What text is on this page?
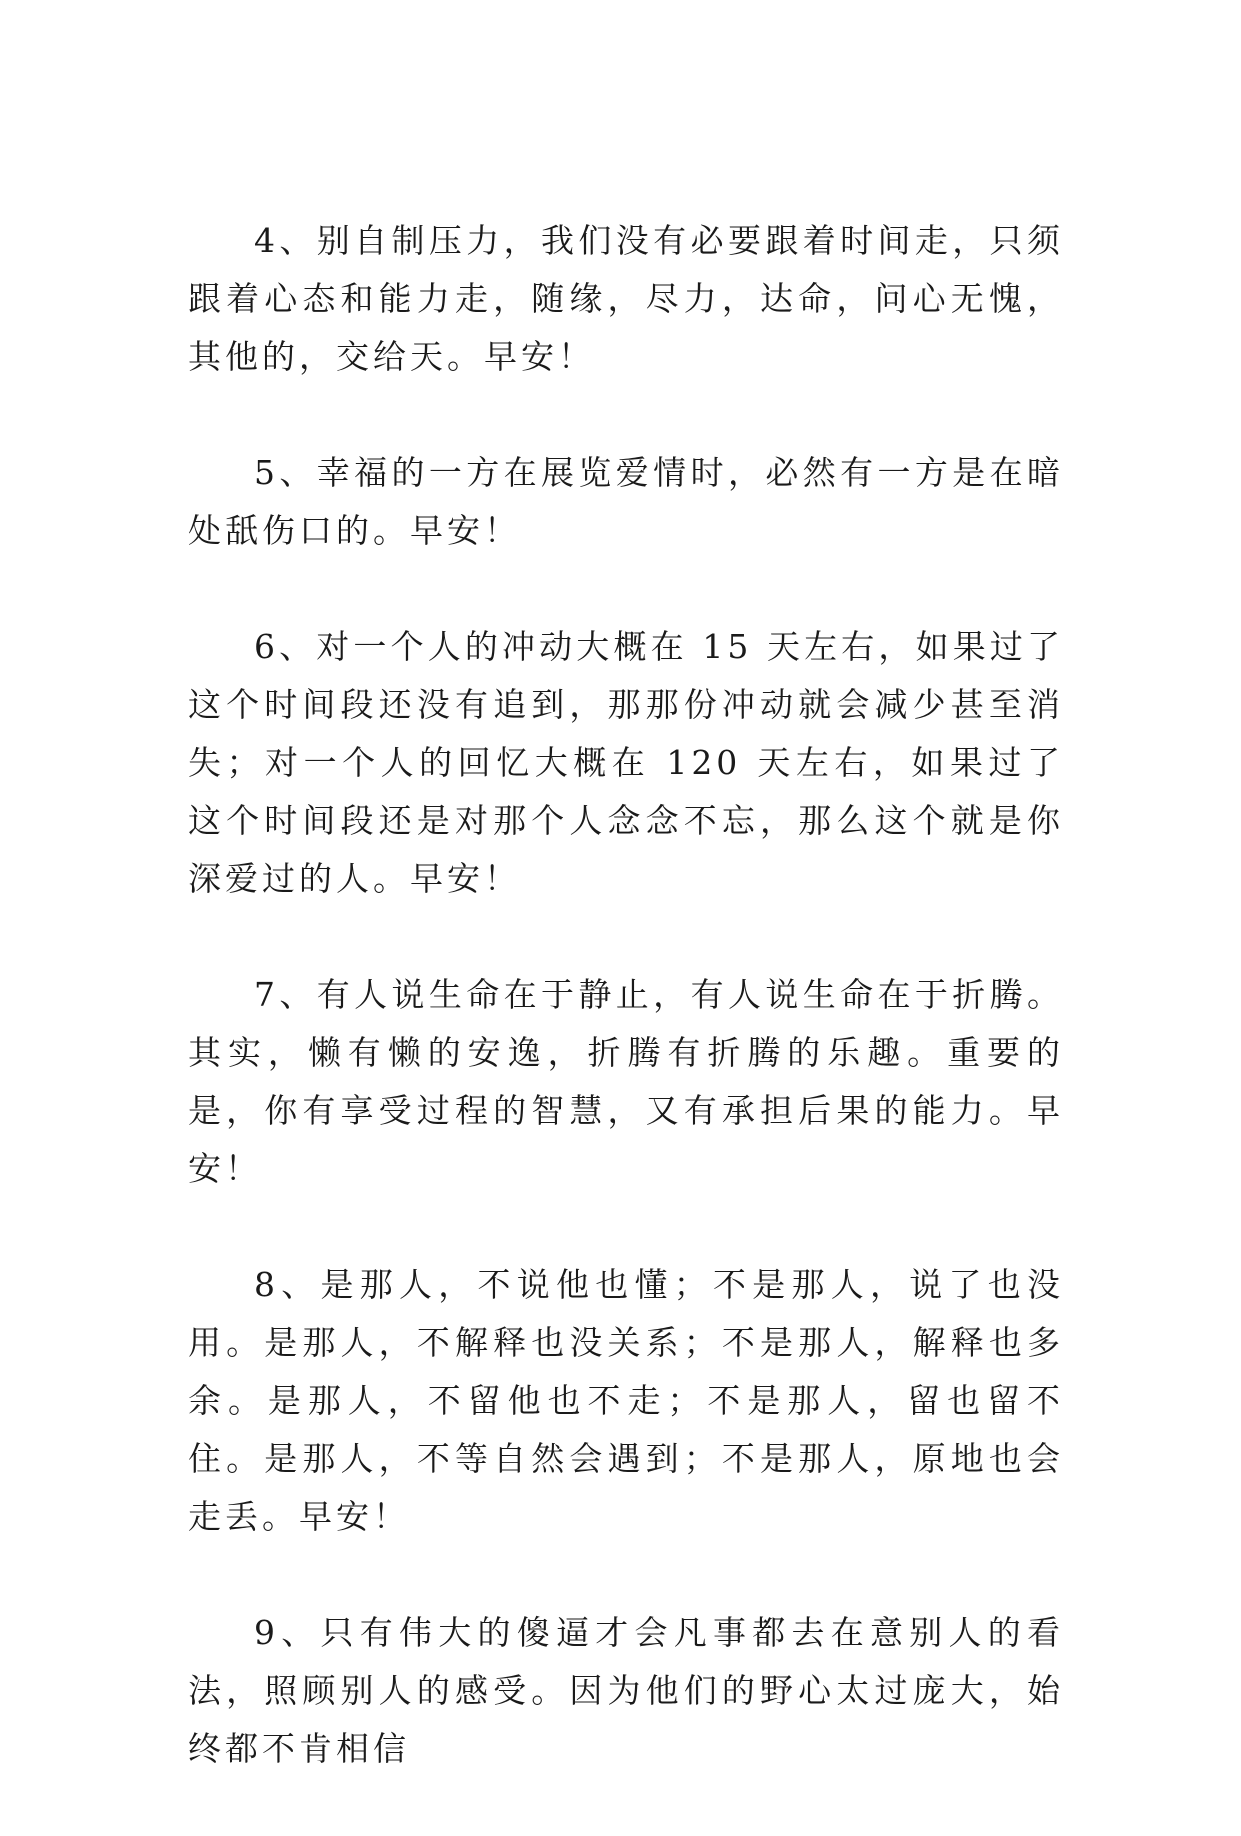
4、别自制压力，我们没有必要跟着时间走，只须跟着心态和能力走，随缘，尽力，达命，问心无愧，其他的，交给天。早安！

5、幸福的一方在展览爱情时，必然有一方是在暗处舐伤口的。早安！

6、对一个人的冲动大概在 15 天左右，如果过了这个时间段还没有追到，那那份冲动就会减少甚至消失；对一个人的回忆大概在 120 天左右，如果过了这个时间段还是对那个人念念不忘，那么这个就是你深爱过的人。早安！

7、有人说生命在于静止，有人说生命在于折腾。其实，懒有懒的安逸，折腾有折腾的乐趣。重要的是，你有享受过程的智慧，又有承担后果的能力。早安！

8、是那人，不说他也懂；不是那人，说了也没用。是那人，不解释也没关系；不是那人，解释也多余。是那人，不留他也不走；不是那人，留也留不住。是那人，不等自然会遇到；不是那人，原地也会走丢。早安！

9、只有伟大的傻逼才会凡事都去在意别人的看法，照顾别人的感受。因为他们的野心太过庞大，始终都不肯相信
